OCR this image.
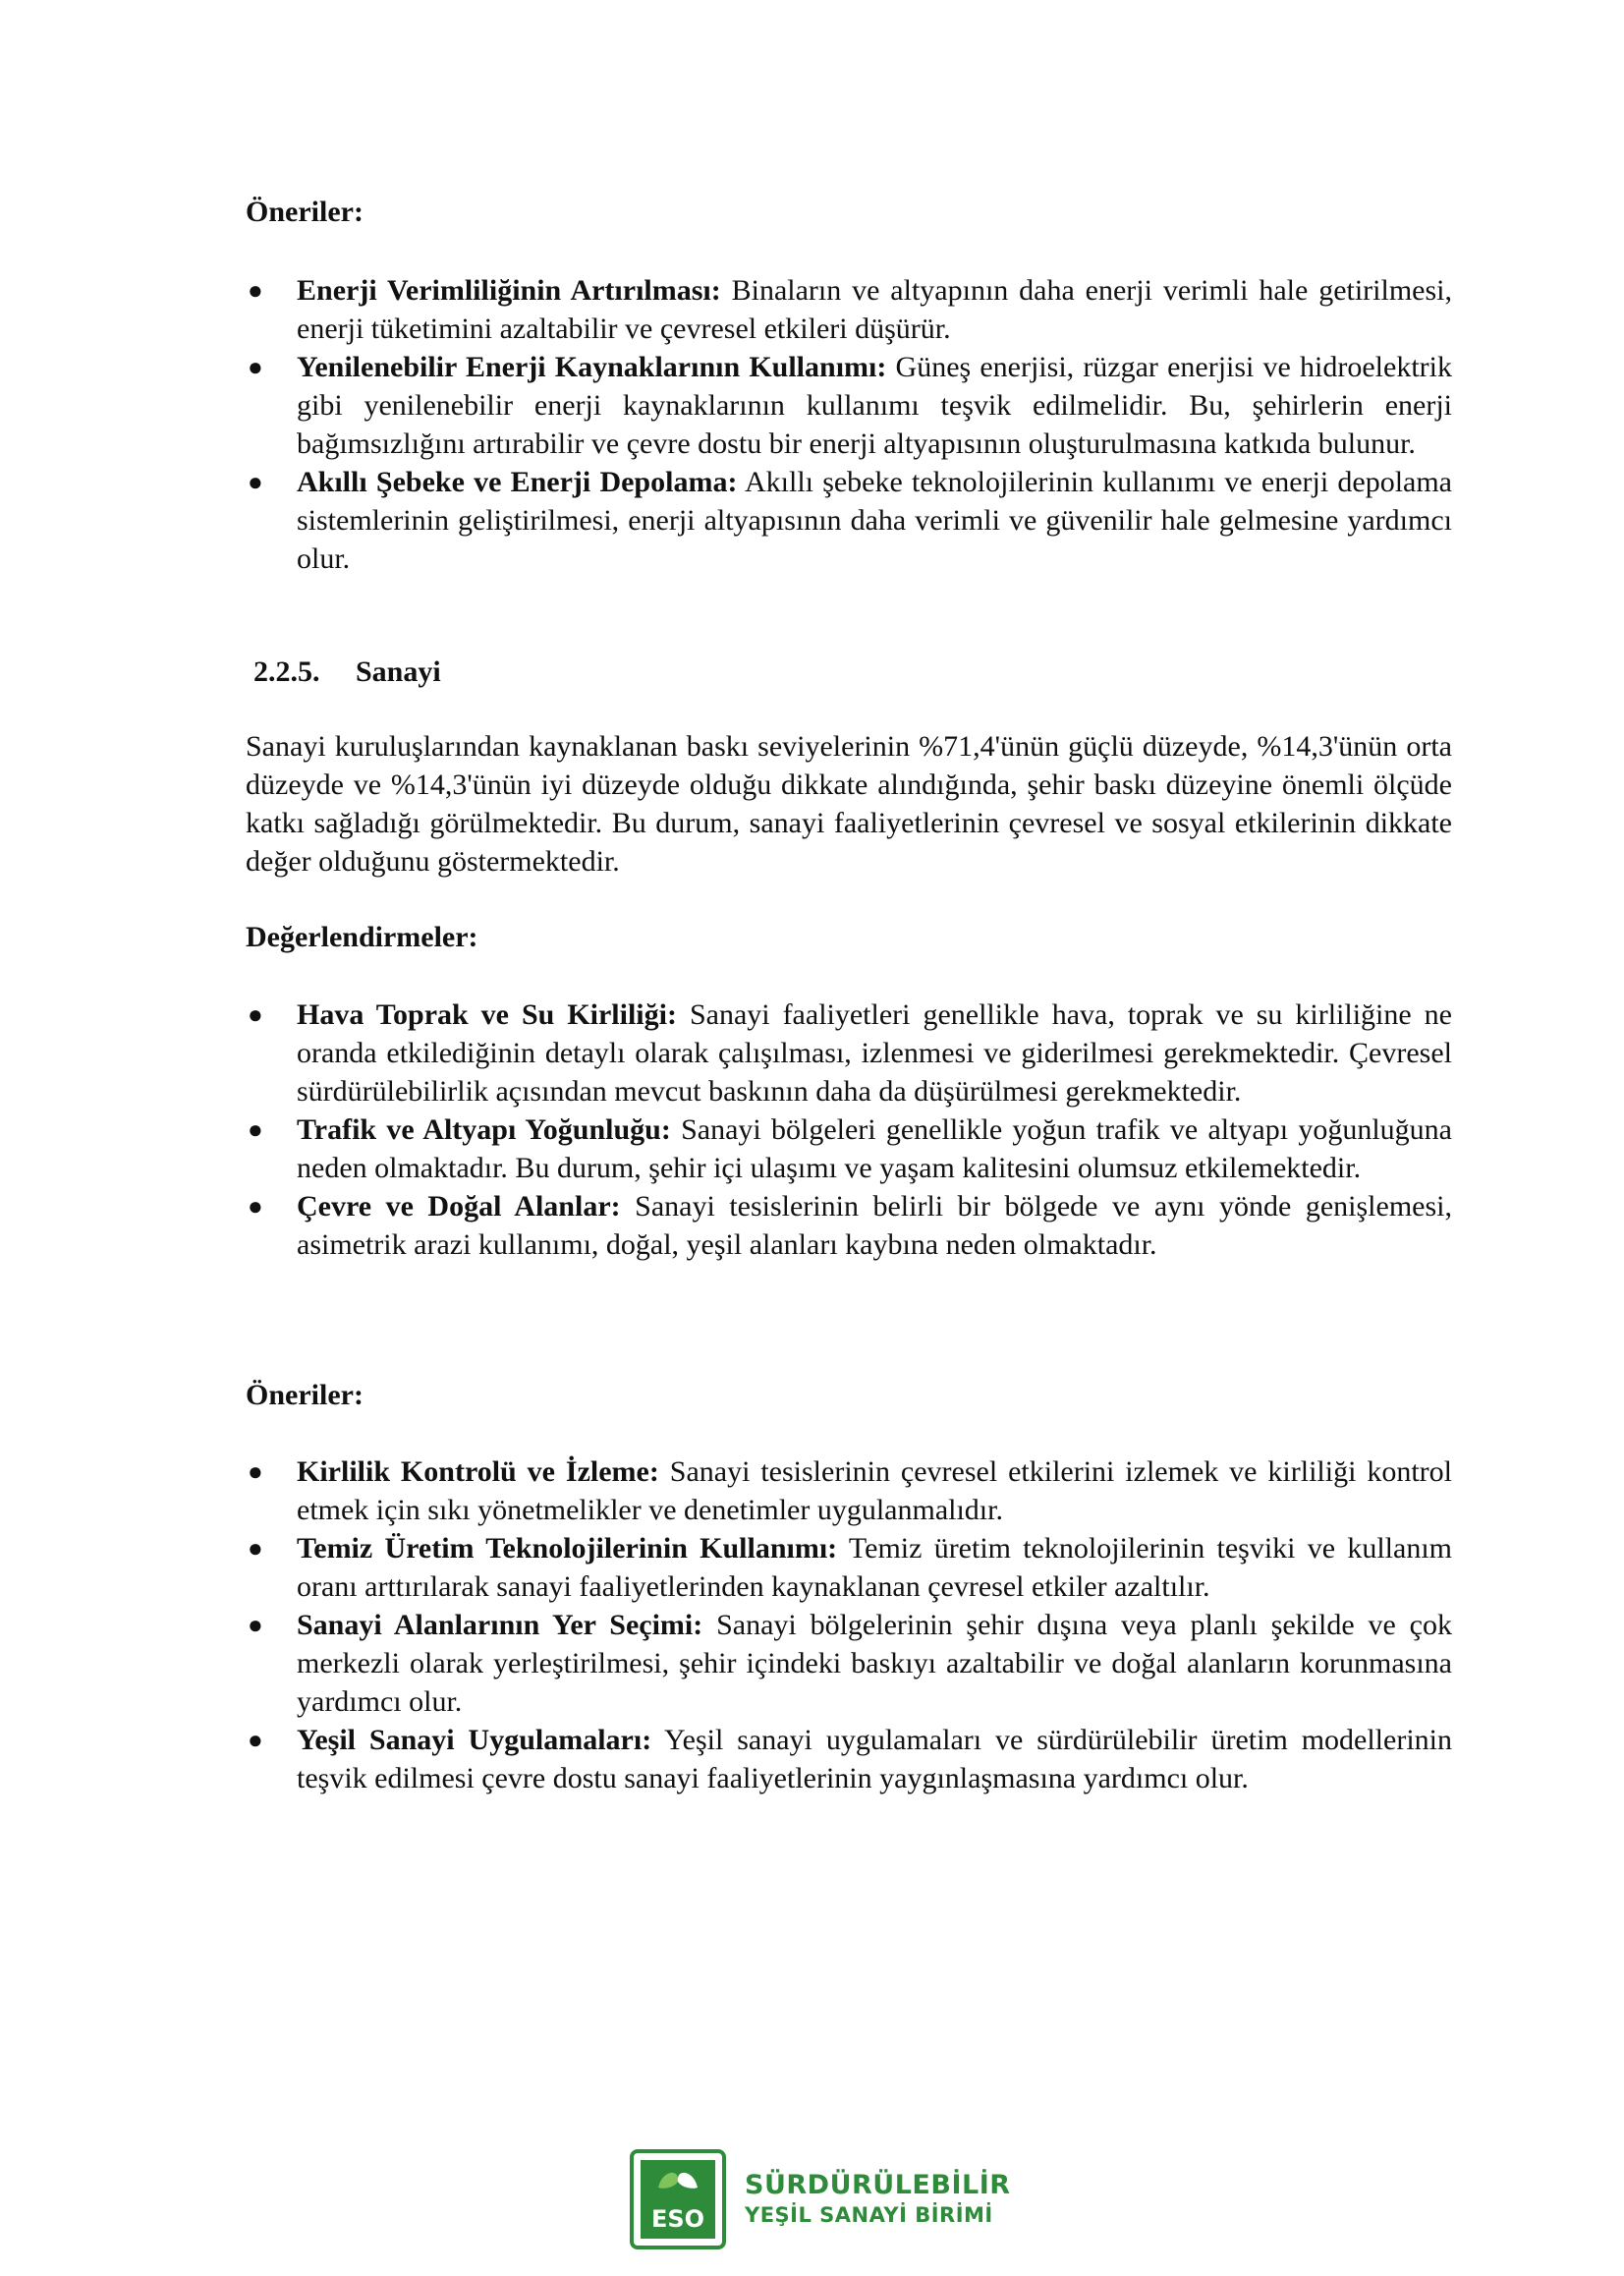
Öneriler:

● Enerji Verimliliğinin Artırılması: Binaların ve altyapının daha enerji verimli hale getirilmesi, enerji tüketimini azaltabilir ve çevresel etkileri düşürür.
● Yenilenebilir Enerji Kaynaklarının Kullanımı: Güneş enerjisi, rüzgar enerjisi ve hidroelektrik gibi yenilenebilir enerji kaynaklarının kullanımı teşvik edilmelidir. Bu, şehirlerin enerji bağımsızlığını artırabilir ve çevre dostu bir enerji altyapısının oluşturulmasına katkıda bulunur.
● Akıllı Şebeke ve Enerji Depolama: Akıllı şebeke teknolojilerinin kullanımı ve enerji depolama sistemlerinin geliştirilmesi, enerji altyapısının daha verimli ve güvenilir hale gelmesine yardımcı olur.

2.2.5. Sanayi

Sanayi kuruluşlarından kaynaklanan baskı seviyelerinin %71,4'ünün güçlü düzeyde, %14,3'ünün orta düzeyde ve %14,3'ünün iyi düzeyde olduğu dikkate alındığında, şehir baskı düzeyine önemli ölçüde katkı sağladığı görülmektedir. Bu durum, sanayi faaliyetlerinin çevresel ve sosyal etkilerinin dikkate değer olduğunu göstermektedir.

Değerlendirmeler:

● Hava Toprak ve Su Kirliliği: Sanayi faaliyetleri genellikle hava, toprak ve su kirliliğine ne oranda etkilediğinin detaylı olarak çalışılması, izlenmesi ve giderilmesi gerekmektedir. Çevresel sürdürülebilirlik açısından mevcut baskının daha da düşürülmesi gerekmektedir.
● Trafik ve Altyapı Yoğunluğu: Sanayi bölgeleri genellikle yoğun trafik ve altyapı yoğunluğuna neden olmaktadır. Bu durum, şehir içi ulaşımı ve yaşam kalitesini olumsuz etkilemektedir.
● Çevre ve Doğal Alanlar: Sanayi tesislerinin belirli bir bölgede ve aynı yönde genişlemesi, asimetrik arazi kullanımı, doğal, yeşil alanları kaybına neden olmaktadır.

Öneriler:

● Kirlilik Kontrolü ve İzleme: Sanayi tesislerinin çevresel etkilerini izlemek ve kirliliği kontrol etmek için sıkı yönetmelikler ve denetimler uygulanmalıdır.
● Temiz Üretim Teknolojilerinin Kullanımı: Temiz üretim teknolojilerinin teşviki ve kullanım oranı arttırılarak sanayi faaliyetlerinden kaynaklanan çevresel etkiler azaltılır.
● Sanayi Alanlarının Yer Seçimi: Sanayi bölgelerinin şehir dışına veya planlı şekilde ve çok merkezli olarak yerleştirilmesi, şehir içindeki baskıyı azaltabilir ve doğal alanların korunmasına yardımcı olur.
● Yeşil Sanayi Uygulamaları: Yeşil sanayi uygulamaları ve sürdürülebilir üretim modellerinin teşvik edilmesi çevre dostu sanayi faaliyetlerinin yaygınlaşmasına yardımcı olur.
ESO
SÜRDÜRÜLEBİLİR
YEŞİL SANAYİ BİRİMİ
